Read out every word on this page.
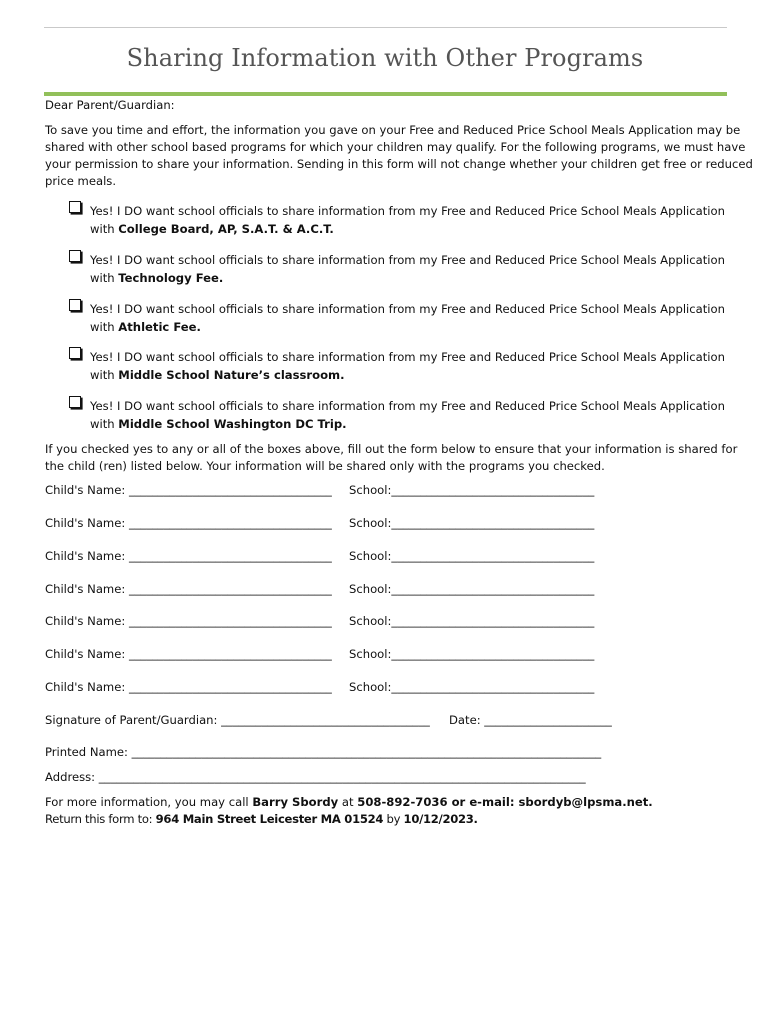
Sharing Information with Other Programs
Dear Parent/Guardian:
To save you time and effort, the information you gave on your Free and Reduced Price School Meals Application may be
shared with other school based programs for which your children may qualify. For the following programs, we must have
your permission to share your information. Sending in this form will not change whether your children get free or reduced
price meals.
Yes! I DO want school officials to share information from my Free and Reduced Price School Meals Application
with College Board, AP, S.A.T. & A.C.T.
Yes! I DO want school officials to share information from my Free and Reduced Price School Meals Application
with Technology Fee.
Yes! I DO want school officials to share information from my Free and Reduced Price School Meals Application
with Athletic Fee.
Yes! I DO want school officials to share information from my Free and Reduced Price School Meals Application
with Middle School Nature’s classroom.
Yes! I DO want school officials to share information from my Free and Reduced Price School Meals Application
with Middle School Washington DC Trip.
If you checked yes to any or all of the boxes above, fill out the form below to ensure that your information is shared for
the child (ren) listed below. Your information will be shared only with the programs you checked.
Child's Name: ___________________________________ School:___________________________________
Child's Name: ___________________________________ School:___________________________________
Child's Name: ___________________________________ School:___________________________________
Child's Name: ___________________________________ School:___________________________________
Child's Name: ___________________________________ School:___________________________________
Child's Name: ___________________________________ School:___________________________________
Child's Name: ___________________________________ School:___________________________________
Signature of Parent/Guardian: ____________________________________ Date: ______________________
Printed Name: _________________________________________________________________________________
Address: ____________________________________________________________________________________
For more information, you may call Barry Sbordy at 508-892-7036 or e-mail: sbordyb@lpsma.net.
Return this form to: 964 Main Street Leicester MA 01524 by 10/12/2023.
